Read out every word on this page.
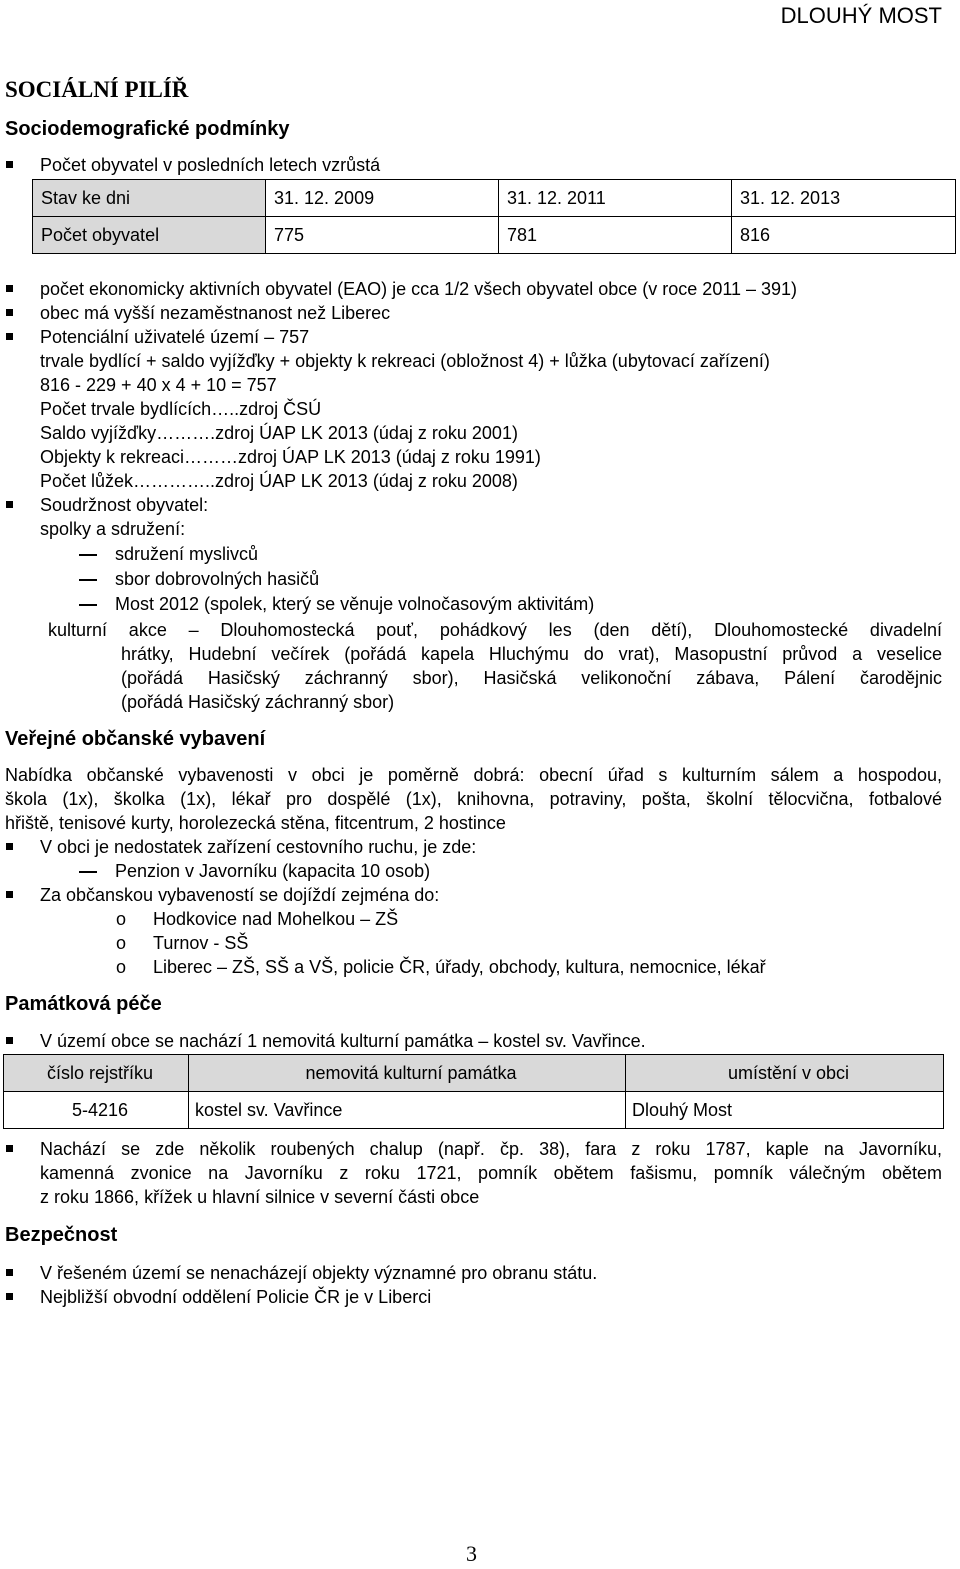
DLOUHÝ MOST
SOCIÁLNÍ PILÍŘ
Sociodemografické podmínky
Počet obyvatel v posledních letech vzrůstá
Stav ke dni	31. 12. 2009	31. 12. 2011	31. 12. 2013
Počet obyvatel	775	781	816
počet ekonomicky aktivních obyvatel (EAO) je cca 1/2 všech obyvatel obce (v roce 2011 – 391)
obec má vyšší nezaměstnanost než Liberec
Potenciální uživatelé území – 757
trvale bydlící + saldo vyjížďky + objekty k rekreaci (obložnost 4) + lůžka (ubytovací zařízení)
816 - 229 + 40 x 4 + 10 = 757
Počet trvale bydlících…..zdroj ČSÚ
Saldo vyjížďky……….zdroj ÚAP LK 2013 (údaj z roku 2001)
Objekty k rekreaci………zdroj ÚAP LK 2013 (údaj z roku 1991)
Počet lůžek…………..zdroj ÚAP LK 2013 (údaj z roku 2008)
Soudržnost obyvatel:
spolky a sdružení:
sdružení myslivců
sbor dobrovolných hasičů
Most 2012 (spolek, který se věnuje volnočasovým aktivitám)
kulturní akce – Dlouhomostecká pouť, pohádkový les (den dětí), Dlouhomostecké divadelní
hrátky, Hudební večírek (pořádá kapela Hluchýmu do vrat), Masopustní průvod a veselice
(pořádá Hasičský záchranný sbor), Hasičská velikonoční zábava, Pálení čarodějnic
(pořádá Hasičský záchranný sbor)
Veřejné občanské vybavení
Nabídka občanské vybavenosti v obci je poměrně dobrá: obecní úřad s kulturním sálem a hospodou,
škola (1x), školka (1x), lékař pro dospělé (1x), knihovna, potraviny, pošta, školní tělocvična, fotbalové
hřiště, tenisové kurty, horolezecká stěna, fitcentrum, 2 hostince
V obci je nedostatek zařízení cestovního ruchu, je zde:
Penzion v Javorníku (kapacita 10 osob)
Za občanskou vybaveností se dojíždí zejména do:
o Hodkovice nad Mohelkou – ZŠ
o Turnov - SŠ
o Liberec – ZŠ, SŠ a VŠ, policie ČR, úřady, obchody, kultura, nemocnice, lékař
Památková péče
V území obce se nachází 1 nemovitá kulturní památka – kostel sv. Vavřince.
číslo rejstříku	nemovitá kulturní památka	umístění v obci
5-4216	kostel sv. Vavřince	Dlouhý Most
Nachází se zde několik roubených chalup (např. čp. 38), fara z roku 1787, kaple na Javorníku,
kamenná zvonice na Javorníku z roku 1721, pomník obětem fašismu, pomník válečným obětem
z roku 1866, křížek u hlavní silnice v severní části obce
Bezpečnost
V řešeném území se nenacházejí objekty významné pro obranu státu.
Nejbližší obvodní oddělení Policie ČR je v Liberci
3
